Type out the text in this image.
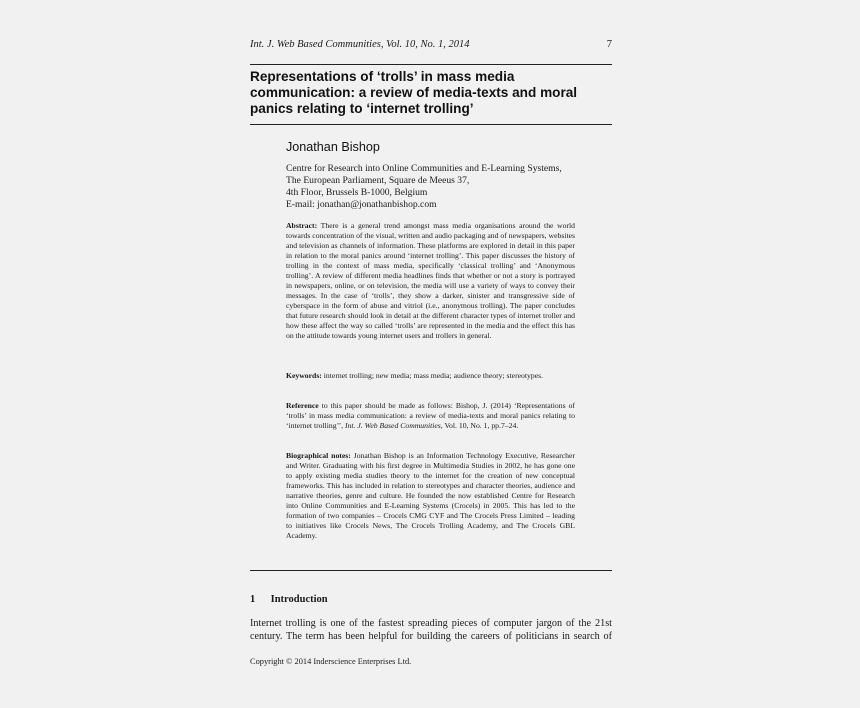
Int. J. Web Based Communities, Vol. 10, No. 1, 2014	7
Representations of ‘trolls’ in mass media communication: a review of media-texts and moral panics relating to ‘internet trolling’
Jonathan Bishop
Centre for Research into Online Communities and E-Learning Systems,
The European Parliament, Square de Meeus 37,
4th Floor, Brussels B-1000, Belgium
E-mail: jonathan@jonathanbishop.com
Abstract: There is a general trend amongst mass media organisations around the world towards concentration of the visual, written and audio packaging and of newspapers, websites and television as channels of information. These platforms are explored in detail in this paper in relation to the moral panics around ‘internet trolling’. This paper discusses the history of trolling in the context of mass media, specifically ‘classical trolling’ and ‘Anonymous trolling’. A review of different media headlines finds that whether or not a story is portrayed in newspapers, online, or on television, the media will use a variety of ways to convey their messages. In the case of ‘trolls’, they show a darker, sinister and transgressive side of cyberspace in the form of abuse and vitriol (i.e., anonymous trolling). The paper concludes that future research should look in detail at the different character types of internet troller and how these affect the way so called ‘trolls’ are represented in the media and the effect this has on the attitude towards young internet users and trollers in general.
Keywords: internet trolling; new media; mass media; audience theory; stereotypes.
Reference to this paper should be made as follows: Bishop, J. (2014) ‘Representations of ‘trolls’ in mass media communication: a review of media-texts and moral panics relating to ‘internet trolling’’, Int. J. Web Based Communities, Vol. 10, No. 1, pp.7–24.
Biographical notes: Jonathan Bishop is an Information Technology Executive, Researcher and Writer. Graduating with his first degree in Multimedia Studies in 2002, he has gone one to apply existing media studies theory to the internet for the creation of new conceptual frameworks. This has included in relation to stereotypes and character theories, audience and narrative theories, genre and culture. He founded the now established Centre for Research into Online Communities and E-Learning Systems (Crocels) in 2005. This has led to the formation of two companies – Crocels CMG CYF and The Crocels Press Limited – leading to initiatives like Crocels News, The Crocels Trolling Academy, and The Crocels GBL Academy.
1 Introduction
Internet trolling is one of the fastest spreading pieces of computer jargon of the 21st
century. The term has been helpful for building the careers of politicians in search of
Copyright © 2014 Inderscience Enterprises Ltd.
